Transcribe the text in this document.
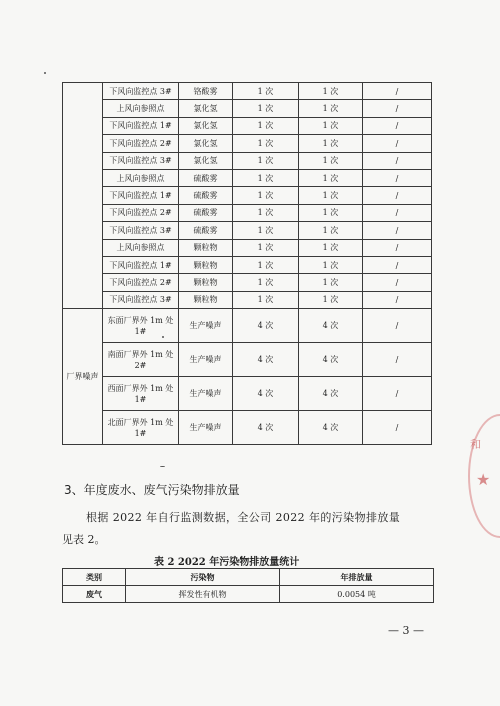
	下风向监控点 3#	铬酸雾	1 次	1 次	/
	上风向参照点	氯化氢	1 次	1 次	/
	下风向监控点 1#	氯化氢	1 次	1 次	/
	下风向监控点 2#	氯化氢	1 次	1 次	/
	下风向监控点 3#	氯化氢	1 次	1 次	/
	上风向参照点	硫酸雾	1 次	1 次	/
	下风向监控点 1#	硫酸雾	1 次	1 次	/
	下风向监控点 2#	硫酸雾	1 次	1 次	/
	下风向监控点 3#	硫酸雾	1 次	1 次	/
	上风向参照点	颗粒物	1 次	1 次	/
	下风向监控点 1#	颗粒物	1 次	1 次	/
	下风向监控点 2#	颗粒物	1 次	1 次	/
	下风向监控点 3#	颗粒物	1 次	1 次	/
厂界噪声	东面厂界外 1m 处 1#	生产噪声	4 次	4 次	/
	南面厂界外 1m 处 2#	生产噪声	4 次	4 次	/
	西面厂界外 1m 处 1#	生产噪声	4 次	4 次	/
	北面厂界外 1m 处 1#	生产噪声	4 次	4 次	/
3、年度废水、废气污染物排放量
根据 2022 年自行监测数据，全公司 2022 年的污染物排放量
见表 2。
表 2 2022 年污染物排放量统计
类别	污染物	年排放量
废气	挥发性有机物	0.0054 吨
— 3 —
和
★
